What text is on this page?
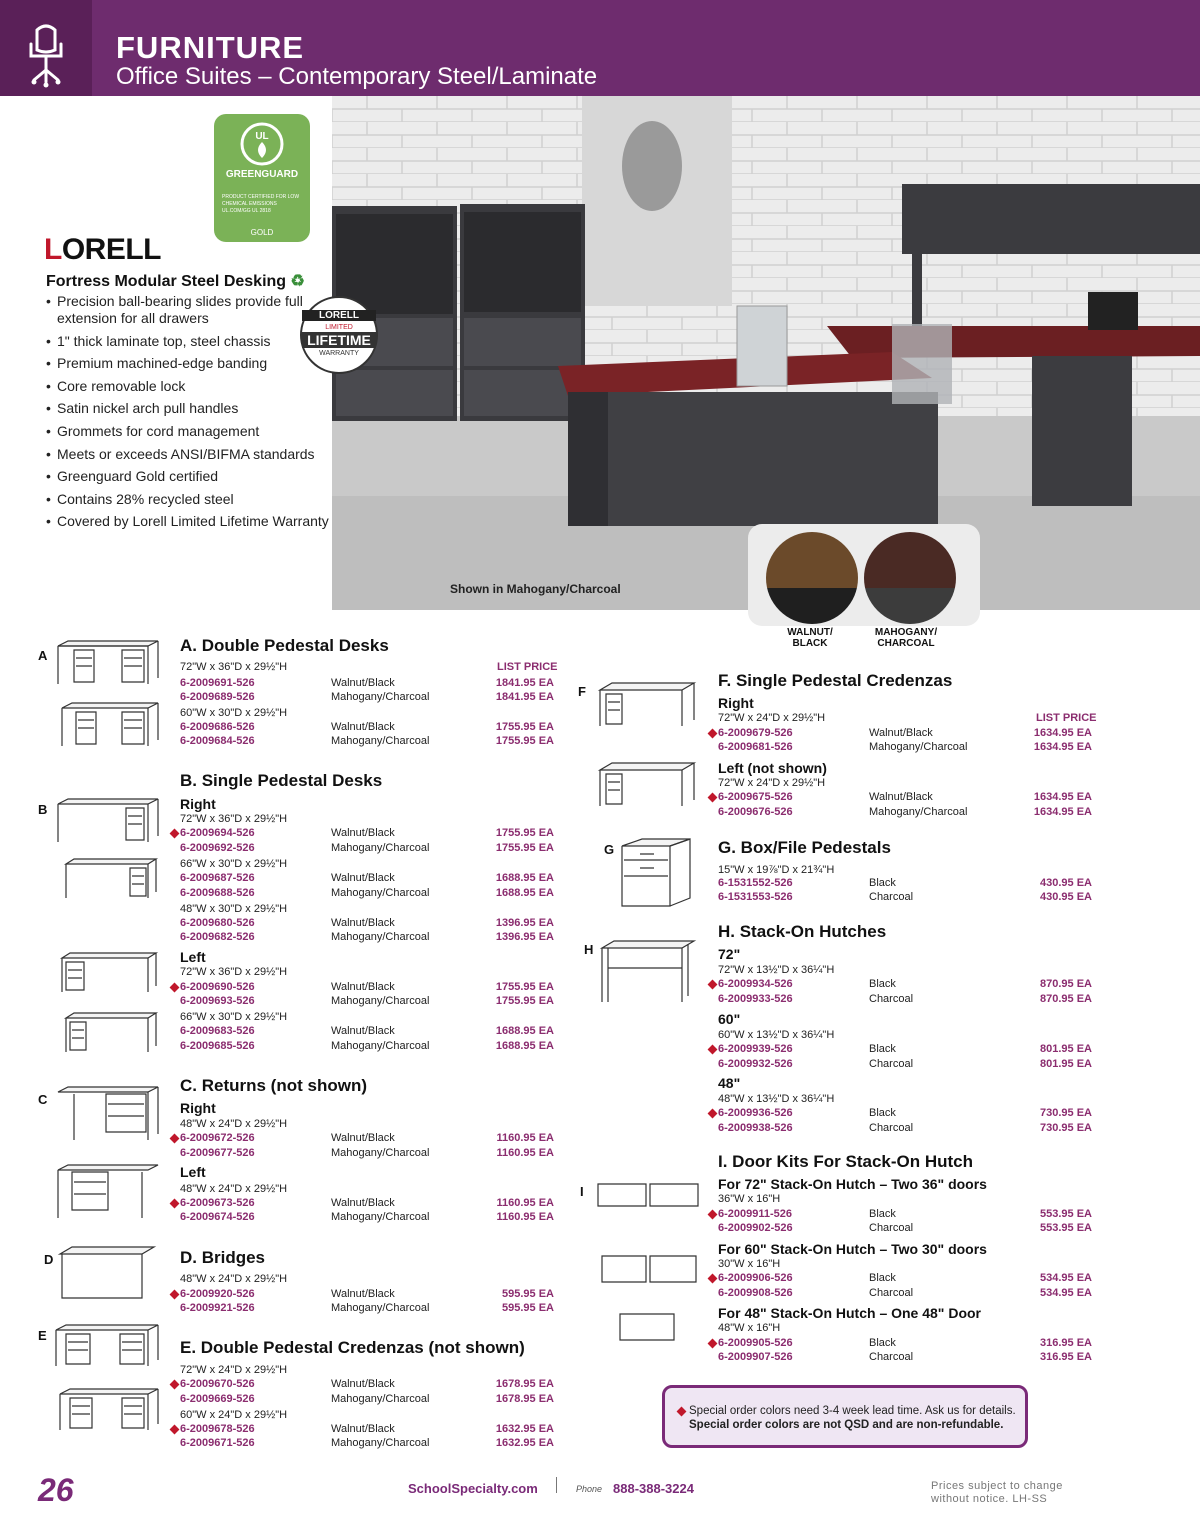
FURNITURE
Office Suites – Contemporary Steel/Laminate
Shown in Mahogany/Charcoal
UL
GREENGUARD
PRODUCT CERTIFIED FOR LOW CHEMICAL EMISSIONS UL.COM/GG UL 2818
GOLD
LORELL
Fortress Modular Steel Desking ♻
• Precision ball-bearing slides provide full extension for all drawers
• 1" thick laminate top, steel chassis
• Premium machined-edge banding
• Core removable lock
• Satin nickel arch pull handles
• Grommets for cord management
• Meets or exceeds ANSI/BIFMA standards
• Greenguard Gold certified
• Contains 28% recycled steel
• Covered by Lorell Limited Lifetime Warranty
LORELL
LIMITED
LIFETIME
WARRANTY
WALNUT/
BLACK
MAHOGANY/
CHARCOAL
A
A. Double Pedestal Desks
LIST PRICE
72"W x 36"D x 29½"H
6-2009691-526	Walnut/Black	1841.95 EA
6-2009689-526	Mahogany/Charcoal	1841.95 EA
60"W x 30"D x 29½"H
6-2009686-526	Walnut/Black	1755.95 EA
6-2009684-526	Mahogany/Charcoal	1755.95 EA
B
B. Single Pedestal Desks
Right
Left
72"W x 36"D x 29½"H
6-2009694-526	Walnut/Black	1755.95 EA
6-2009692-526	Mahogany/Charcoal	1755.95 EA
66"W x 30"D x 29½"H
6-2009687-526	Walnut/Black	1688.95 EA
6-2009688-526	Mahogany/Charcoal	1688.95 EA
48"W x 30"D x 29½"H
6-2009680-526	Walnut/Black	1396.95 EA
6-2009682-526	Mahogany/Charcoal	1396.95 EA
72"W x 36"D x 29½"H
6-2009690-526	Walnut/Black	1755.95 EA
6-2009693-526	Mahogany/Charcoal	1755.95 EA
66"W x 30"D x 29½"H
6-2009683-526	Walnut/Black	1688.95 EA
6-2009685-526	Mahogany/Charcoal	1688.95 EA
C
C. Returns (not shown)
Right
Left
48"W x 24"D x 29½"H
6-2009672-526	Walnut/Black	1160.95 EA
6-2009677-526	Mahogany/Charcoal	1160.95 EA
48"W x 24"D x 29½"H
6-2009673-526	Walnut/Black	1160.95 EA
6-2009674-526	Mahogany/Charcoal	1160.95 EA
D	D. Bridges
48"W x 24"D x 29½"H
6-2009920-526	Walnut/Black	595.95 EA
6-2009921-526	Mahogany/Charcoal	595.95 EA
E
E. Double Pedestal Credenzas (not shown)
72"W x 24"D x 29½"H
6-2009670-526	Walnut/Black	1678.95 EA
6-2009669-526	Mahogany/Charcoal	1678.95 EA
60"W x 24"D x 29½"H
6-2009678-526	Walnut/Black	1632.95 EA
6-2009671-526	Mahogany/Charcoal	1632.95 EA
F
F. Single Pedestal Credenzas
Right
LIST PRICE
Left (not shown)
72"W x 24"D x 29½"H
6-2009679-526	Walnut/Black	1634.95 EA
6-2009681-526	Mahogany/Charcoal	1634.95 EA
72"W x 24"D x 29½"H
6-2009675-526	Walnut/Black	1634.95 EA
6-2009676-526	Mahogany/Charcoal	1634.95 EA
G	G. Box/File Pedestals
15"W x 19⅞"D x 21¾"H
6-1531552-526	Black	430.95 EA
6-1531553-526	Charcoal	430.95 EA
H
H. Stack-On Hutches
72"
60"
48"
72"W x 13½"D x 36¼"H
6-2009934-526	Black	870.95 EA
6-2009933-526	Charcoal	870.95 EA
60"W x 13½"D x 36¼"H
6-2009939-526	Black	801.95 EA
6-2009932-526	Charcoal	801.95 EA
48"W x 13½"D x 36¼"H
6-2009936-526	Black	730.95 EA
6-2009938-526	Charcoal	730.95 EA
I
I. Door Kits For Stack-On Hutch
For 72" Stack-On Hutch – Two 36" doors
For 60" Stack-On Hutch – Two 30" doors
For 48" Stack-On Hutch – One 48" Door
36"W x 16"H
6-2009911-526	Black	553.95 EA
6-2009902-526	Charcoal	553.95 EA
30"W x 16"H
6-2009906-526	Black	534.95 EA
6-2009908-526	Charcoal	534.95 EA
48"W x 16"H
6-2009905-526	Black	316.95 EA
6-2009907-526	Charcoal	316.95 EA
Special order colors need 3-4 week lead time. Ask us for details.
Special order colors are not QSD and are non-refundable.
26	SchoolSpecialty.com	Phone 888-388-3224	Prices subject to change
without notice. LH-SS
